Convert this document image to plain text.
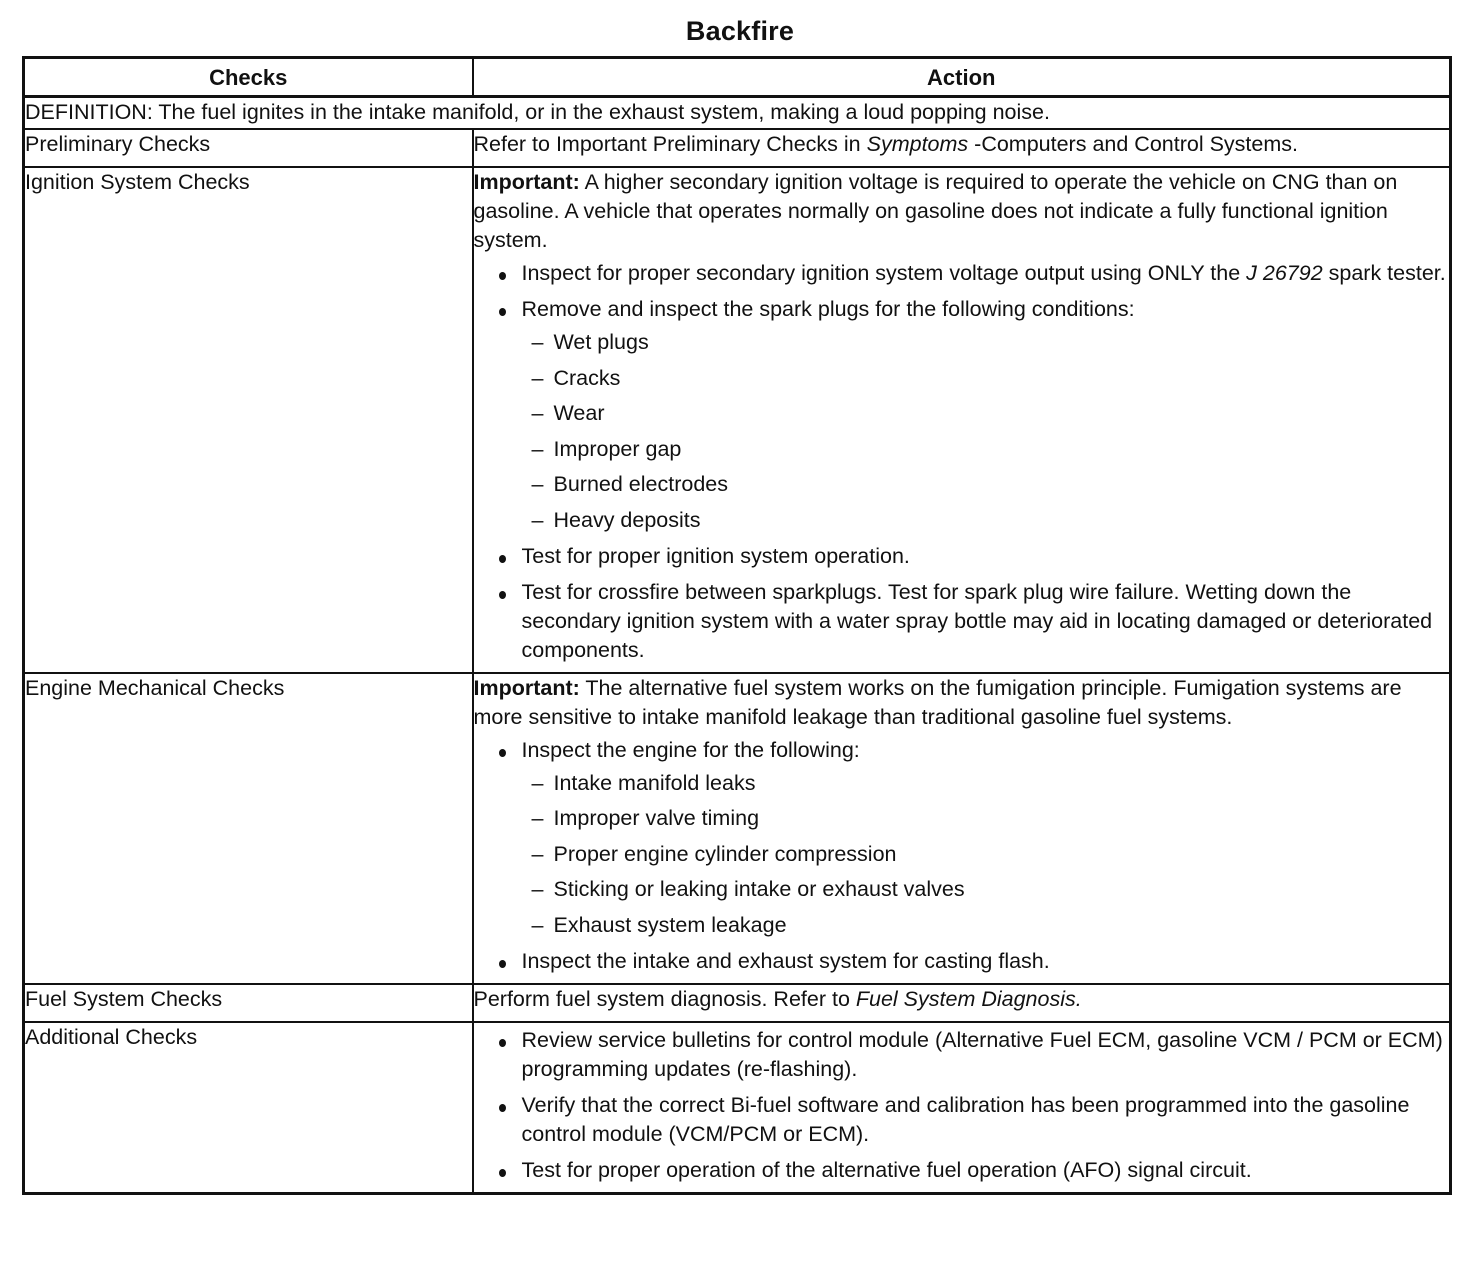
Backfire
Checks	Action
DEFINITION: The fuel ignites in the intake manifold, or in the exhaust system, making a loud popping noise.	
Preliminary Checks	Refer to Important Preliminary Checks in Symptoms -Computers and Control Systems.
Ignition System Checks	Important: A higher secondary ignition voltage is required to operate the vehicle on CNG than on gasoline. A vehicle that operates normally on gasoline does not indicate a fully functional ignition system.
Inspect for proper secondary ignition system voltage output using ONLY the J 26792 spark tester.
Remove and inspect the spark plugs for the following conditions:
– Wet plugs
– Cracks
– Wear
– Improper gap
– Burned electrodes
– Heavy deposits
Test for proper ignition system operation.
Test for crossfire between sparkplugs. Test for spark plug wire failure. Wetting down the secondary ignition system with a water spray bottle may aid in locating damaged or deteriorated components.

Engine Mechanical Checks	Important: The alternative fuel system works on the fumigation principle. Fumigation systems are more sensitive to intake manifold leakage than traditional gasoline fuel systems.
Inspect the engine for the following:
– Intake manifold leaks
– Improper valve timing
– Proper engine cylinder compression
– Sticking or leaking intake or exhaust valves
– Exhaust system leakage
Inspect the intake and exhaust system for casting flash.

Fuel System Checks	Perform fuel system diagnosis. Refer to Fuel System Diagnosis.
Additional Checks	Review service bulletins for control module (Alternative Fuel ECM, gasoline VCM / PCM or ECM) programming updates (re-flashing).
Verify that the correct Bi-fuel software and calibration has been programmed into the gasoline control module (VCM/PCM or ECM).
Test for proper operation of the alternative fuel operation (AFO) signal circuit.
